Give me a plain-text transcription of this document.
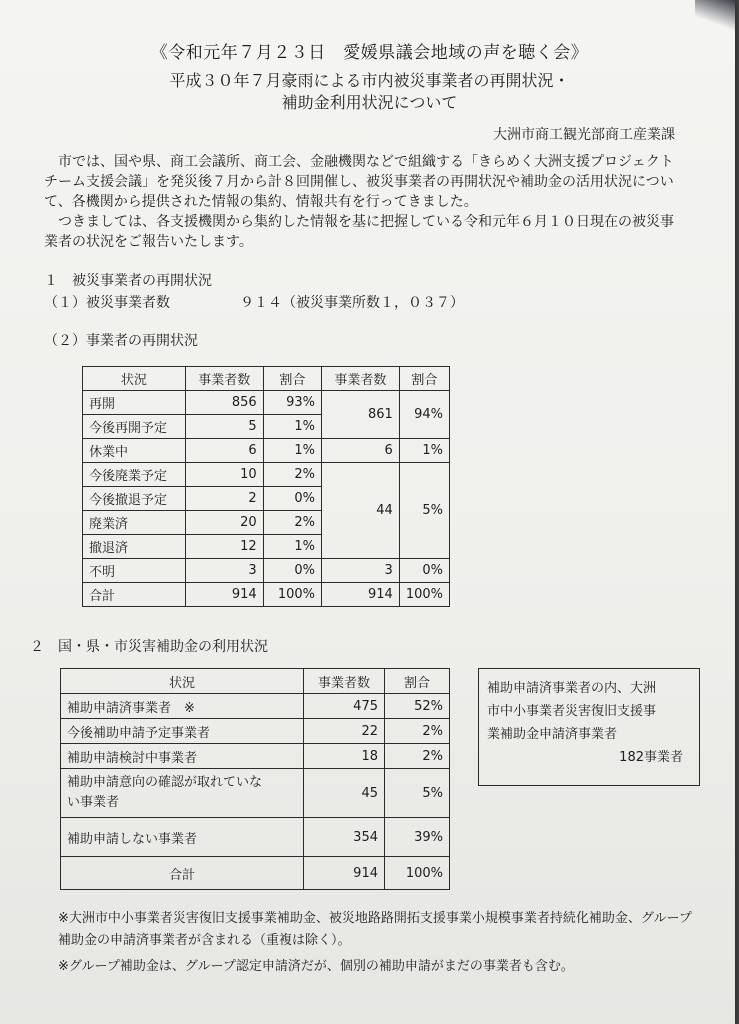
《令和元年７月２３日　愛媛県議会地域の声を聴く会》
平成３０年７月豪雨による市内被災事業者の再開状況・
補助金利用状況について
大洲市商工観光部商工産業課

市では、国や県、商工会議所、商工会、金融機関などで組織する「きらめく大洲支援プロジェクトチーム支援会議」を発災後７月から計８回開催し、被災事業者の再開状況や補助金の活用状況について、各機関から提供された情報の集約、情報共有を行ってきました。

つきましては、各支援機関から集約した情報を基に把握している令和元年６月１０日現在の被災事業者の状況をご報告いたします。

１　被災事業者の再開状況
（１）被災事業者数	９１４（被災事業所数１，０３７）
（２）事業者の再開状況
状況	事業者数	割合	事業者数	割合
再開	856	93%	861	94%
今後再開予定	5	1%		
休業中	6	1%	6	1%
今後廃業予定	10	2%	44	5%
今後撤退予定	2	0%		
廃業済	20	2%		
撤退済	12	1%		
不明	3	0%	3	0%
合計	914	100%	914	100%
２　国・県・市災害補助金の利用状況
状況	事業者数	割合
補助申請済事業者　※	475	52%
今後補助申請予定事業者	22	2%
補助申請検討中事業者	18	2%

補助申請意向の確認が取れていな
い事業者	45	5%
補助申請しない事業者	354	39%
合計	914	100%
補助申請済事業者の内、大洲
市中小事業者災害復旧支援事
業補助金申請済事業者
182事業者

※大洲市中小事業者災害復旧支援事業補助金、被災地路路開拓支援事業小規模事業者持続化補助金、グループ補助金の申請済事業者が含まれる（重複は除く）。

※グループ補助金は、グループ認定申請済だが、個別の補助申請がまだの事業者も含む。
